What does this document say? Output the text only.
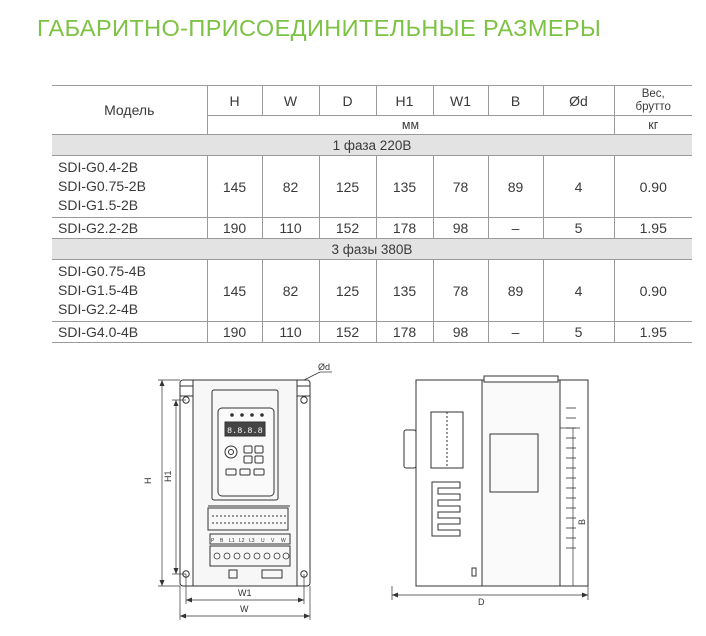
ГАБАРИТНО-ПРИСОЕДИНИТЕЛЬНЫЕ РАЗМЕРЫ
Модель	H	W	D	H1	W1	B	Ød	Вес,
брутто
	мм							кг
1 фаза 220В								

SDI-G0.4-2B
SDI-G0.75-2B
SDI-G1.5-2B	145	82	125	135	78	89	4	0.90

SDI-G2.2-2B	190	110	152	178	98	–	5	1.95
3 фазы 380В								

SDI-G0.75-4B
SDI-G1.5-4B
SDI-G2.2-4B	145	82	125	135	78	89	4	0.90

SDI-G4.0-4B	190	110	152	178	98	–	5	1.95
H H1
W1
W
Ød
D
B
8.8.8.8
P B L1 L2 L3 U V W
